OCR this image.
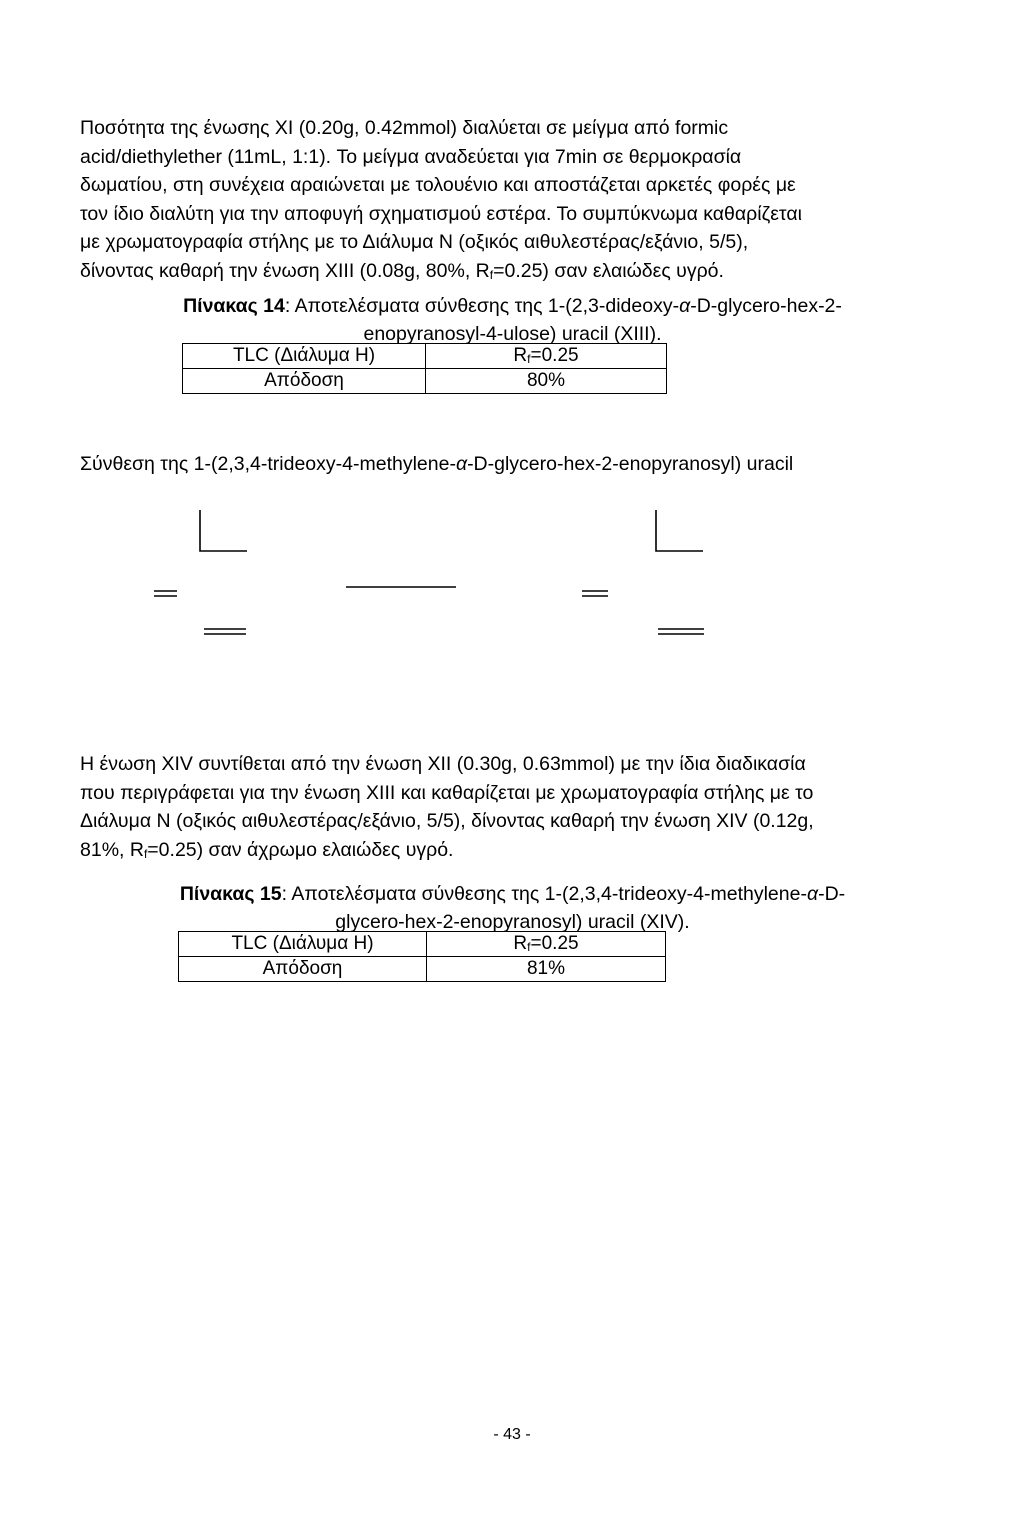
Ποσότητα της ένωσης XI (0.20g, 0.42mmol) διαλύεται σε μείγμα από formic
acid/diethylether (11mL, 1:1). Το μείγμα αναδεύεται για 7min σε θερμοκρασία
δωματίου, στη συνέχεια αραιώνεται με τολουένιο και αποστάζεται αρκετές φορές με
τον ίδιο διαλύτη για την αποφυγή σχηματισμού εστέρα. Το συμπύκνωμα καθαρίζεται
με χρωματογραφία στήλης με το Διάλυμα Ν (οξικός αιθυλεστέρας/εξάνιο, 5/5),
δίνοντας καθαρή την ένωση XIII (0.08g, 80%, Rf=0.25) σαν ελαιώδες υγρό.
Πίνακας 14: Αποτελέσματα σύνθεσης της 1-(2,3-dideoxy-α-D-glycero-hex-2-
enopyranosyl-4-ulose) uracil (XIII).
TLC (Διάλυμα Η)	Rf=0.25
Απόδοση	80%
Σύνθεση της 1-(2,3,4-trideoxy-4-methylene-α-D-glycero-hex-2-enopyranosyl) uracil
Η ένωση XIV συντίθεται από την ένωση XII (0.30g, 0.63mmol) με την ίδια διαδικασία
που περιγράφεται για την ένωση XIII και καθαρίζεται με χρωματογραφία στήλης με το
Διάλυμα Ν (οξικός αιθυλεστέρας/εξάνιο, 5/5), δίνοντας καθαρή την ένωση XIV (0.12g,
81%, Rf=0.25) σαν άχρωμο ελαιώδες υγρό.
Πίνακας 15: Αποτελέσματα σύνθεσης της 1-(2,3,4-trideoxy-4-methylene-α-D-
glycero-hex-2-enopyranosyl) uracil (XIV).
TLC (Διάλυμα Η)	Rf=0.25
Απόδοση	81%
- 43 -
